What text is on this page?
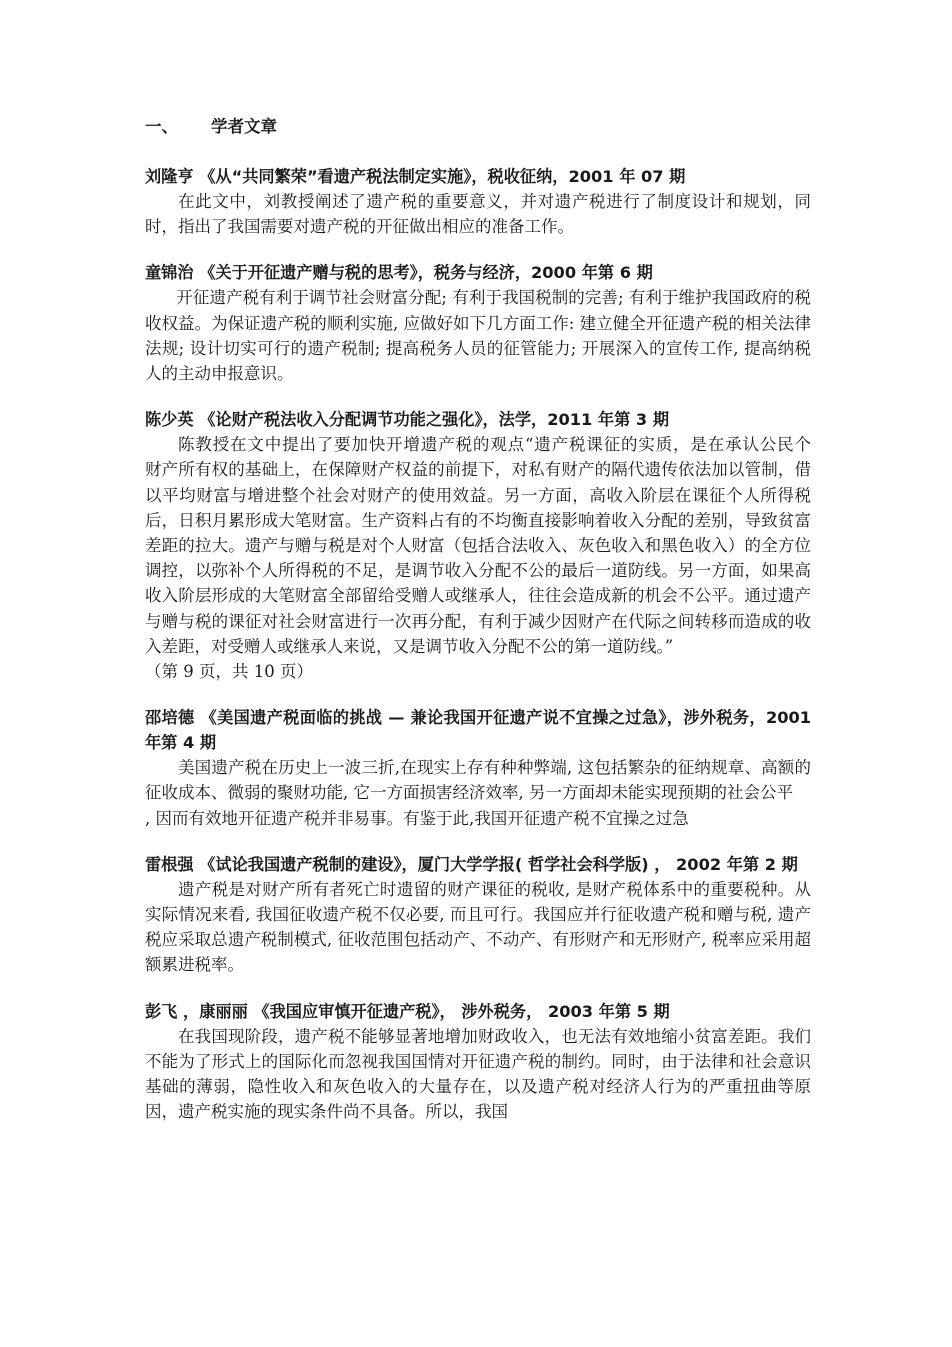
一、 学者文章

刘隆亨 《从“共同繁荣”看遗产税法制定实施》，税收征纳，2001 年 07 期

在此文中，刘教授阐述了遗产税的重要意义，并对遗产税进行了制度设计和规划，同时，指出了我国需要对遗产税的开征做出相应的准备工作。

童锦治 《关于开征遗产赠与税的思考》，税务与经济，2000 年第 6 期

开征遗产税有利于调节社会财富分配; 有利于我国税制的完善; 有利于维护我国政府的税收权益。为保证遗产税的顺利实施, 应做好如下几方面工作: 建立健全开征遗产税的相关法律法规; 设计切实可行的遗产税制; 提高税务人员的征管能力; 开展深入的宣传工作, 提高纳税人的主动申报意识。

陈少英 《论财产税法收入分配调节功能之强化》，法学，2011 年第 3 期

陈教授在文中提出了要加快开增遗产税的观点“遗产税课征的实质，是在承认公民个　财产所有权的基础上，在保障财产权益的前提下，对私有财产的隔代遗传依法加以管制，借以平均财富与增进整个社会对财产的使用效益。另一方面，高收入阶层在课征个人所得税后，日积月累形成大笔财富。生产资料占有的不均衡直接影响着收入分配的差别，导致贫富差距的拉大。遗产与赠与税是对个人财富（包括合法收入、灰色收入和黑色收入）的全方位调控，以弥补个人所得税的不足，是调节收入分配不公的最后一道防线。另一方面，如果高收入阶层形成的大笔财富全部留给受赠人或继承人，往往会造成新的机会不公平。通过遗产与赠与税的课征对社会财富进行一次再分配，有利于减少因财产在代际之间转移而造成的收入差距，对受赠人或继承人来说，又是调节收入分配不公的第一道防线。”

（第 9 页，共 10 页）

邵培德 《美国遗产税面临的挑战 — 兼论我国开征遗产说不宜操之过急》，涉外税务，2001 年第 4 期

美国遗产税在历史上一波三折,在现实上存有种种弊端, 这包括繁杂的征纳规章、高额的征收成本、微弱的聚财功能, 它一方面损害经济效率, 另一方面却未能实现预期的社会公平

, 因而有效地开征遗产税并非易事。有鉴于此,我国开征遗产税不宜操之过急

雷根强 《试论我国遗产税制的建设》，厦门大学学报( 哲学社会科学版) ， 2002 年第 2 期

遗产税是对财产所有者死亡时遗留的财产课征的税收, 是财产税体系中的重要税种。从实际情况来看, 我国征收遗产税不仅必要, 而且可行。我国应并行征收遗产税和赠与税, 遗产税应采取总遗产税制模式, 征收范围包括动产、不动产、有形财产和无形财产, 税率应采用超额累进税率。

彭飞 ，康丽丽 《我国应审慎开征遗产税》， 涉外税务， 2003 年第 5 期

在我国现阶段，遗产税不能够显著地增加财政收入，也无法有效地缩小贫富差距。我们不能为了形式上的国际化而忽视我国国情对开征遗产税的制约。同时，由于法律和社会意识基础的薄弱，隐性收入和灰色收入的大量存在，以及遗产税对经济人行为的严重扭曲等原因，遗产税实施的现实条件尚不具备。所以，我国
